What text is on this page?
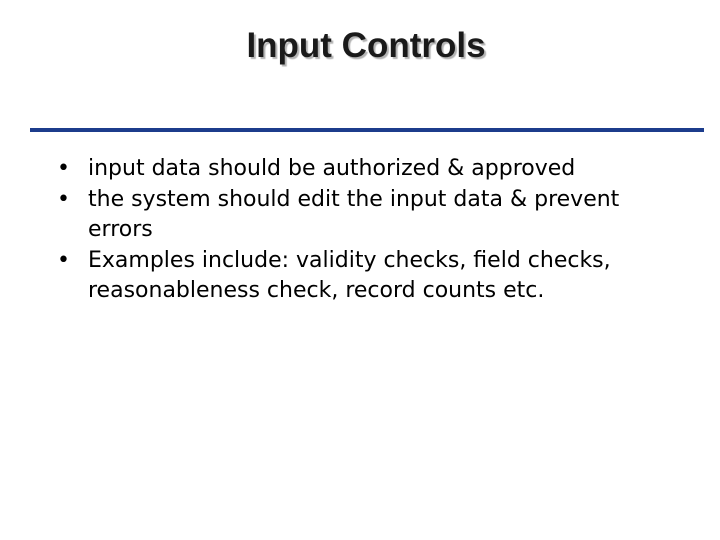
Input Controls
• input data should be authorized & approved
• the system should edit the input data & prevent errors
• Examples include: validity checks, field checks, reasonableness check, record counts etc.
